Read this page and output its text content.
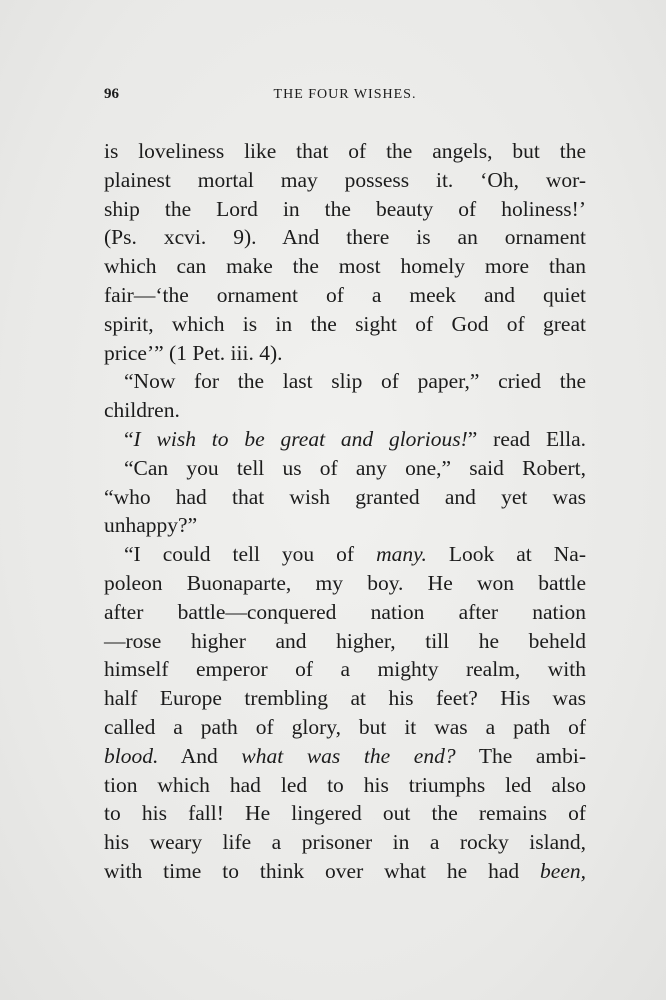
96	THE FOUR WISHES.
is loveliness like that of the angels, but the
plainest mortal may possess it. ‘Oh, wor-
ship the Lord in the beauty of holiness!’
(Ps. xcvi. 9). And there is an ornament
which can make the most homely more than
fair—‘the ornament of a meek and quiet
spirit, which is in the sight of God of great
price’” (1 Pet. iii. 4).
“Now for the last slip of paper,” cried the
children.
“I wish to be great and glorious!” read Ella.
“Can you tell us of any one,” said Robert,
“who had that wish granted and yet was
unhappy?”
“I could tell you of many. Look at Na-
poleon Buonaparte, my boy. He won battle
after battle—conquered nation after nation
—rose higher and higher, till he beheld
himself emperor of a mighty realm, with
half Europe trembling at his feet? His was
called a path of glory, but it was a path of
blood. And what was the end? The ambi-
tion which had led to his triumphs led also
to his fall! He lingered out the remains of
his weary life a prisoner in a rocky island,
with time to think over what he had been,
